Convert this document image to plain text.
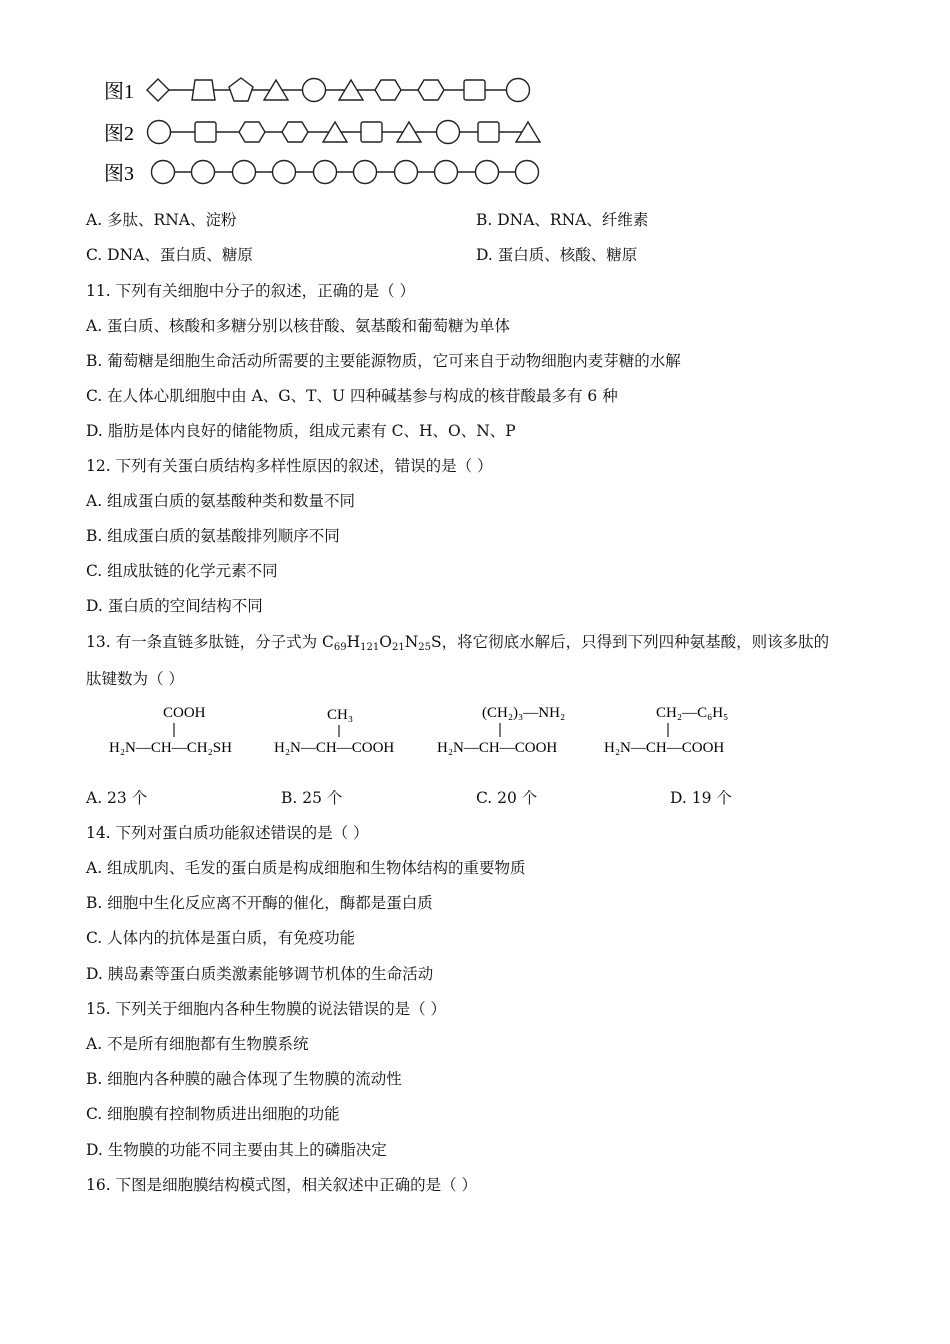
图1
图2
图3
A. 多肽、RNA、淀粉	B. DNA、RNA、纤维素
C. DNA、蛋白质、糖原	D. 蛋白质、核酸、糖原
11. 下列有关细胞中分子的叙述，正确的是（ ）
A. 蛋白质、核酸和多糖分别以核苷酸、氨基酸和葡萄糖为单体
B. 葡萄糖是细胞生命活动所需要的主要能源物质，它可来自于动物细胞内麦芽糖的水解
C. 在人体心肌细胞中由 A、G、T、U 四种碱基参与构成的核苷酸最多有 6 种
D. 脂肪是体内良好的储能物质，组成元素有 C、H、O、N、P
12. 下列有关蛋白质结构多样性原因的叙述，错误的是（ ）
A. 组成蛋白质的氨基酸种类和数量不同
B. 组成蛋白质的氨基酸排列顺序不同
C. 组成肽链的化学元素不同
D. 蛋白质的空间结构不同
13. 有一条直链多肽链，分子式为 $C_{69}H_{121}O_{21}N_{25}S$，将它彻底水解后，只得到下列四种氨基酸，则该多肽的
肽键数为（ ）
COOH
H₂N—CH—CH₂SH
CH₃
H₂N—CH—COOH
(CH₂)₃—NH₂
H₂N—CH—COOH
CH₂—C₆H₅
H₂N—CH—COOH
A. 23 个	B. 25 个	C. 20 个	D. 19 个
14. 下列对蛋白质功能叙述错误的是（ ）
A. 组成肌肉、毛发的蛋白质是构成细胞和生物体结构的重要物质
B. 细胞中生化反应离不开酶的催化，酶都是蛋白质
C. 人体内的抗体是蛋白质，有免疫功能
D. 胰岛素等蛋白质类激素能够调节机体的生命活动
15. 下列关于细胞内各种生物膜的说法错误的是（ ）
A. 不是所有细胞都有生物膜系统
B. 细胞内各种膜的融合体现了生物膜的流动性
C. 细胞膜有控制物质进出细胞的功能
D. 生物膜的功能不同主要由其上的磷脂决定
16. 下图是细胞膜结构模式图，相关叙述中正确的是（ ）
